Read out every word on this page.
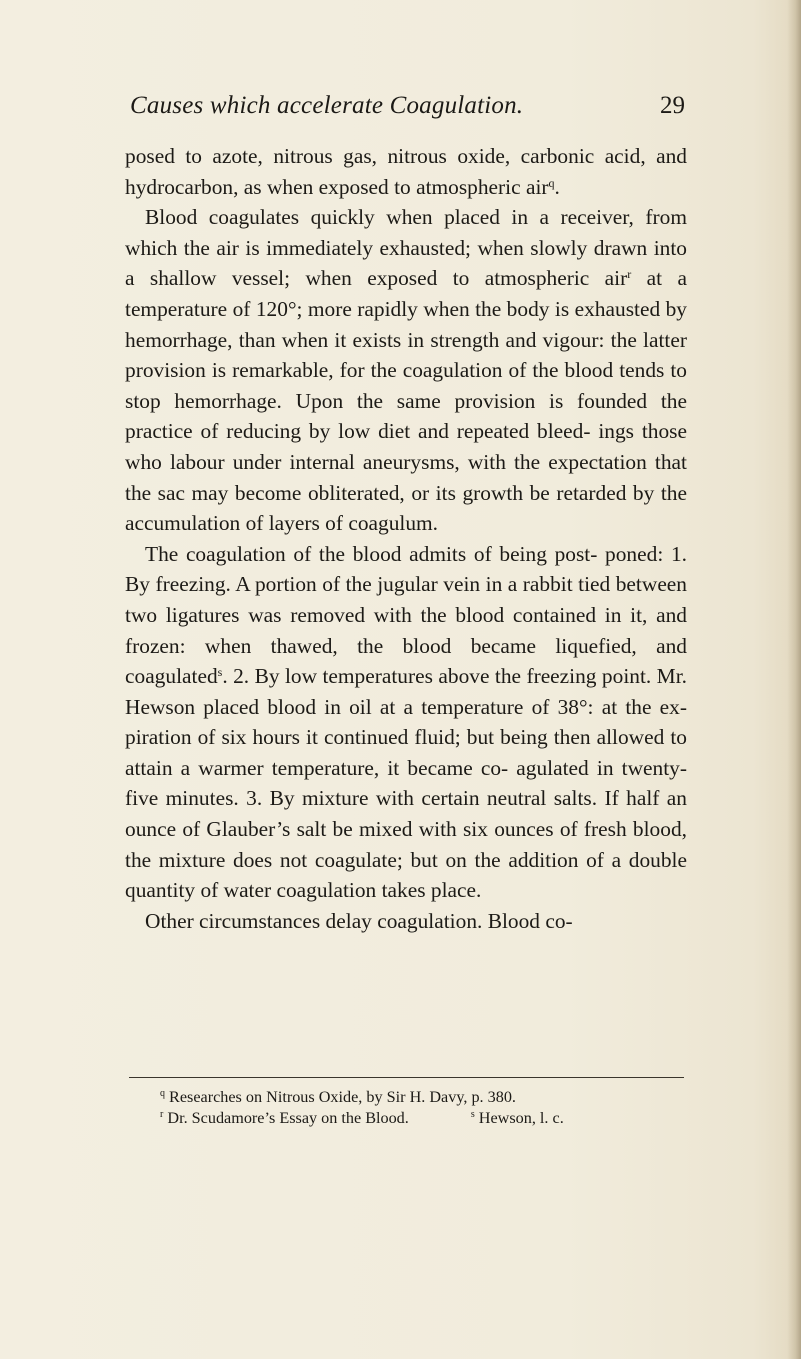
Causes which accelerate Coagulation.	29

posed to azote, nitrous gas, nitrous oxide, carbonic acid, and hydrocarbon, as when exposed to atmospheric air$^q$.

Blood coagulates quickly when placed in a receiver, from which the air is immediately exhausted; when slowly drawn into a shallow vessel; when exposed to atmospheric air$^r$ at a temperature of 120°; more rapidly when the body is exhausted by hemorrhage, than when it exists in strength and vigour: the latter provision is remarkable, for the coagulation of the blood tends to stop hemorrhage. Upon the same provision is founded the practice of reducing by low diet and repeated bleed- ings those who labour under internal aneurysms, with the expectation that the sac may become obliterated, or its growth be retarded by the accumulation of layers of coagulum.

The coagulation of the blood admits of being post- poned: 1. By freezing. A portion of the jugular vein in a rabbit tied between two ligatures was removed with the blood contained in it, and frozen: when thawed, the blood became liquefied, and coagulated$^s$. 2. By low temperatures above the freezing point. Mr. Hewson placed blood in oil at a temperature of 38°: at the ex- piration of six hours it continued fluid; but being then allowed to attain a warmer temperature, it became co- agulated in twenty-five minutes. 3. By mixture with certain neutral salts. If half an ounce of Glauber’s salt be mixed with six ounces of fresh blood, the mixture does not coagulate; but on the addition of a double quantity of water coagulation takes place.

Other circumstances delay coagulation. Blood co-

$^q$ Researches on Nitrous Oxide, by Sir H. Davy, p. 380.
$^r$ Dr. Scudamore’s Essay on the Blood.	$^s$ Hewson, l. c.
